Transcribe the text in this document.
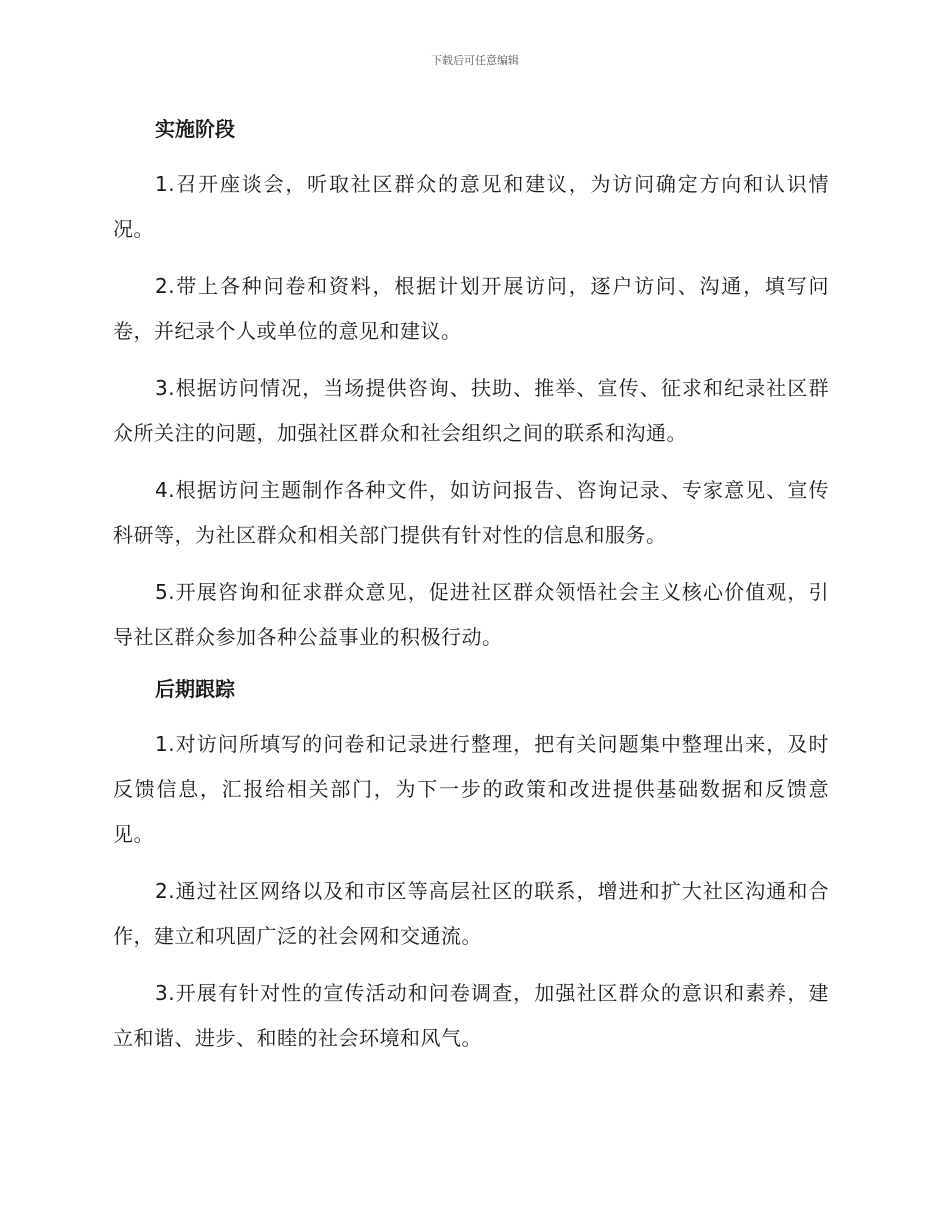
下载后可任意编辑
实施阶段
1.召开座谈会，听取社区群众的意见和建议，为访问确定方向和认识情况。
2.带上各种问卷和资料，根据计划开展访问，逐户访问、沟通，填写问卷，并纪录个人或单位的意见和建议。
3.根据访问情况，当场提供咨询、扶助、推举、宣传、征求和纪录社区群众所关注的问题，加强社区群众和社会组织之间的联系和沟通。
4.根据访问主题制作各种文件，如访问报告、咨询记录、专家意见、宣传科研等，为社区群众和相关部门提供有针对性的信息和服务。
5.开展咨询和征求群众意见，促进社区群众领悟社会主义核心价值观，引导社区群众参加各种公益事业的积极行动。
后期跟踪
1.对访问所填写的问卷和记录进行整理，把有关问题集中整理出来，及时反馈信息，汇报给相关部门，为下一步的政策和改进提供基础数据和反馈意见。
2.通过社区网络以及和市区等高层社区的联系，增进和扩大社区沟通和合作，建立和巩固广泛的社会网和交通流。
3.开展有针对性的宣传活动和问卷调查，加强社区群众的意识和素养，建立和谐、进步、和睦的社会环境和风气。
